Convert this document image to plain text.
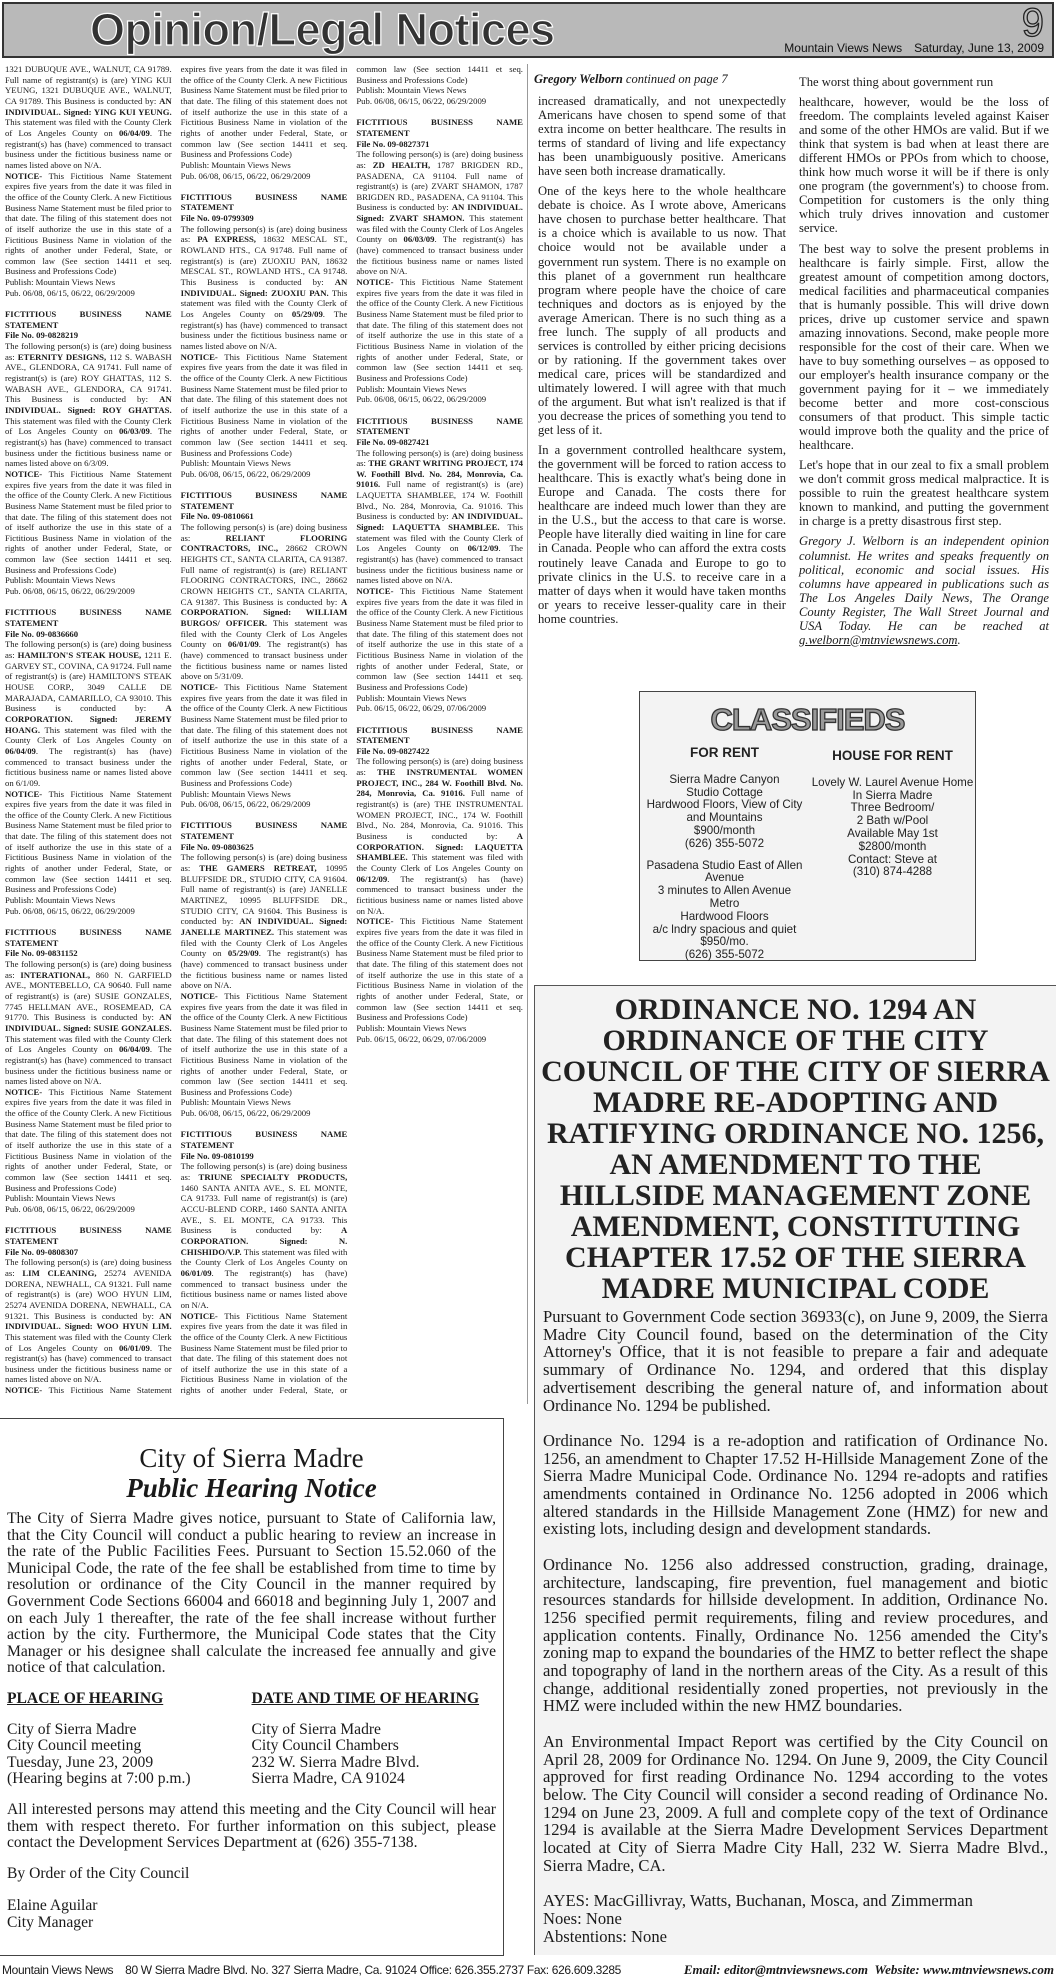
Opinion/Legal Notices	9
Mountain Views News Saturday, June 13, 2009
1321 DUBUQUE AVE., WALNUT, CA 91789. Full name of registrant(s) is (are) YING KUI YEUNG, 1321 DUBUQUE AVE., WALNUT, CA 91789. This Business is conducted by: AN INDIVIDUAL. Signed: YING KUI YEUNG. This statement was filed with the County Clerk of Los Angeles County on 06/04/09. The registrant(s) has (have) commenced to transact business under the fictitious business name or names listed above on N/A.
NOTICE- This Fictitious Name Statement expires five years from the date it was filed in the office of the County Clerk. A new Fictitious Business Name Statement must be filed prior to that date. The filing of this statement does not of itself authorize the use in this state of a Fictitious Business Name in violation of the rights of another under Federal, State, or common law (See section 14411 et seq. Business and Professions Code)
Publish: Mountain Views News
Pub. 06/08, 06/15, 06/22, 06/29/2009
FICTITIOUS BUSINESS NAME STATEMENT
File No. 09-0828219
The following person(s) is (are) doing business as: ETERNITY DESIGNS, 112 S. WABASH AVE., GLENDORA, CA 91741. Full name of registrant(s) is (are) ROY GHATTAS, 112 S. WABASH AVE., GLENDORA, CA 91741. This Business is conducted by: AN INDIVIDUAL. Signed: ROY GHATTAS. This statement was filed with the County Clerk of Los Angeles County on 06/03/09. The registrant(s) has (have) commenced to transact business under the fictitious business name or names listed above on 6/3/09.
NOTICE- This Fictitious Name Statement expires five years from the date it was filed in the office of the County Clerk. A new Fictitious Business Name Statement must be filed prior to that date. The filing of this statement does not of itself authorize the use in this state of a Fictitious Business Name in violation of the rights of another under Federal, State, or common law (See section 14411 et seq. Business and Professions Code)
Publish: Mountain Views News
Pub. 06/08, 06/15, 06/22, 06/29/2009
FICTITIOUS BUSINESS NAME STATEMENT
File No. 09-0836660
The following person(s) is (are) doing business as: HAMILTON'S STEAK HOUSE, 1211 E. GARVEY ST., COVINA, CA 91724. Full name of registrant(s) is (are) HAMILTON'S STEAK HOUSE CORP., 3049 CALLE DE MARAJADA, CAMARILLO, CA 93010. This Business is conducted by: A CORPORATION. Signed: JEREMY HOANG. This statement was filed with the County Clerk of Los Angeles County on 06/04/09. The registrant(s) has (have) commenced to transact business under the fictitious business name or names listed above on 6/1/09.
NOTICE- This Fictitious Name Statement expires five years from the date it was filed in the office of the County Clerk. A new Fictitious Business Name Statement must be filed prior to that date. The filing of this statement does not of itself authorize the use in this state of a Fictitious Business Name in violation of the rights of another under Federal, State, or common law (See section 14411 et seq. Business and Professions Code)
Publish: Mountain Views News
Pub. 06/08, 06/15, 06/22, 06/29/2009
FICTITIOUS BUSINESS NAME STATEMENT
File No. 09-0831152
The following person(s) is (are) doing business as: INTERATIONAL, 860 N. GARFIELD AVE., MONTEBELLO, CA 90640. Full name of registrant(s) is (are) SUSIE GONZALES, 7745 HELLMAN AVE., ROSEMEAD, CA 91770. This Business is conducted by: AN INDIVIDUAL. Signed: SUSIE GONZALES. This statement was filed with the County Clerk of Los Angeles County on 06/04/09. The registrant(s) has (have) commenced to transact business under the fictitious business name or names listed above on N/A.
NOTICE- This Fictitious Name Statement expires five years from the date it was filed in the office of the County Clerk. A new Fictitious Business Name Statement must be filed prior to that date. The filing of this statement does not of itself authorize the use in this state of a Fictitious Business Name in violation of the rights of another under Federal, State, or common law (See section 14411 et seq. Business and Professions Code)
Publish: Mountain Views News
Pub. 06/08, 06/15, 06/22, 06/29/2009
FICTITIOUS BUSINESS NAME STATEMENT
File No. 09-0808307
The following person(s) is (are) doing business as: LIM CLEANING, 25274 AVENIDA DORENA, NEWHALL, CA 91321. Full name of registrant(s) is (are) WOO HYUN LIM, 25274 AVENIDA DORENA, NEWHALL, CA 91321. This Business is conducted by: AN INDIVIDUAL. Signed: WOO HYUN LIM. This statement was filed with the County Clerk of Los Angeles County on 06/01/09. The registrant(s) has (have) commenced to transact business under the fictitious business name or names listed above on N/A.
NOTICE- This Fictitious Name Statement expires five years from the date it was filed in the office of the County Clerk. A new Fictitious Business Name Statement must be filed prior to that date. The filing of this statement does not of itself authorize the use in this state of a Fictitious Business Name in violation of the rights of another under Federal, State, or common law (See section 14411 et seq. Business and Professions Code)
Publish: Mountain Views News
Pub. 06/08, 06/15, 06/22, 06/29/2009
FICTITIOUS BUSINESS NAME STATEMENT
File No. 09-0799309
The following person(s) is (are) doing business as: PA EXPRESS, 18632 MESCAL ST., ROWLAND HTS., CA 91748. Full name of registrant(s) is (are) ZUOXIU PAN, 18632 MESCAL ST., ROWLAND HTS., CA 91748. This Business is conducted by: AN INDIVIDUAL. Signed: ZUOXIU PAN. This statement was filed with the County Clerk of Los Angeles County on 05/29/09. The registrant(s) has (have) commenced to transact business under the fictitious business name or names listed above on N/A.
NOTICE- This Fictitious Name Statement expires five years from the date it was filed in the office of the County Clerk. A new Fictitious Business Name Statement must be filed prior to that date. The filing of this statement does not of itself authorize the use in this state of a Fictitious Business Name in violation of the rights of another under Federal, State, or common law (See section 14411 et seq. Business and Professions Code)
Publish: Mountain Views News
Pub. 06/08, 06/15, 06/22, 06/29/2009
FICTITIOUS BUSINESS NAME STATEMENT
File No. 09-0810661
The following person(s) is (are) doing business as: RELIANT FLOORING CONTRACTORS, INC., 28662 CROWN HEIGHTS CT., SANTA CLARITA, CA 91387. Full name of registrant(s) is (are) RELIANT FLOORING CONTRACTORS, INC., 28662 CROWN HEIGHTS CT., SANTA CLARITA, CA 91387. This Business is conducted by: A CORPORATION. Signed: WILLIAM BURGOS/ OFFICER. This statement was filed with the County Clerk of Los Angeles County on 06/01/09. The registrant(s) has (have) commenced to transact business under the fictitious business name or names listed above on 5/31/09.
NOTICE- This Fictitious Name Statement expires five years from the date it was filed in the office of the County Clerk. A new Fictitious Business Name Statement must be filed prior to that date. The filing of this statement does not of itself authorize the use in this state of a Fictitious Business Name in violation of the rights of another under Federal, State, or common law (See section 14411 et seq. Business and Professions Code)
Publish: Mountain Views News
Pub. 06/08, 06/15, 06/22, 06/29/2009
FICTITIOUS BUSINESS NAME STATEMENT
File No. 09-0803625
The following person(s) is (are) doing business as: THE GAMERS RETREAT, 10995 BLUFFSIDE DR., STUDIO CITY, CA 91604. Full name of registrant(s) is (are) JANELLE MARTINEZ, 10995 BLUFFSIDE DR., STUDIO CITY, CA 91604. This Business is conducted by: AN INDIVIDUAL. Signed: JANELLE MARTINEZ. This statement was filed with the County Clerk of Los Angeles County on 05/29/09. The registrant(s) has (have) commenced to transact business under the fictitious business name or names listed above on N/A.
NOTICE- This Fictitious Name Statement expires five years from the date it was filed in the office of the County Clerk. A new Fictitious Business Name Statement must be filed prior to that date. The filing of this statement does not of itself authorize the use in this state of a Fictitious Business Name in violation of the rights of another under Federal, State, or common law (See section 14411 et seq. Business and Professions Code)
Publish: Mountain Views News
Pub. 06/08, 06/15, 06/22, 06/29/2009
FICTITIOUS BUSINESS NAME STATEMENT
File No. 09-0810199
The following person(s) is (are) doing business as: TRIUNE SPECIALTY PRODUCTS, 1460 SANTA ANITA AVE., S. EL MONTE, CA 91733. Full name of registrant(s) is (are) ACCU-BLEND CORP., 1460 SANTA ANITA AVE., S. EL MONTE, CA 91733. This Business is conducted by: A CORPORATION. Signed: N. CHISHIDO/V.P. This statement was filed with the County Clerk of Los Angeles County on 06/01/09. The registrant(s) has (have) commenced to transact business under the fictitious business name or names listed above on N/A.
NOTICE- This Fictitious Name Statement expires five years from the date it was filed in the office of the County Clerk. A new Fictitious Business Name Statement must be filed prior to that date. The filing of this statement does not of itself authorize the use in this state of a Fictitious Business Name in violation of the rights of another under Federal, State, or common law (See section 14411 et seq. Business and Professions Code)
Publish: Mountain Views News
Pub. 06/08, 06/15, 06/22, 06/29/2009
FICTITIOUS BUSINESS NAME STATEMENT
File No. 09-0827371
The following person(s) is (are) doing business as: ZD HEALTH, 1787 BRIGDEN RD., PASADENA, CA 91104. Full name of registrant(s) is (are) ZVART SHAMON, 1787 BRIGDEN RD., PASADENA, CA 91104. This Business is conducted by: AN INDIVIDUAL. Signed: ZVART SHAMON. This statement was filed with the County Clerk of Los Angeles County on 06/03/09. The registrant(s) has (have) commenced to transact business under the fictitious business name or names listed above on N/A.
NOTICE- This Fictitious Name Statement expires five years from the date it was filed in the office of the County Clerk. A new Fictitious Business Name Statement must be filed prior to that date. The filing of this statement does not of itself authorize the use in this state of a Fictitious Business Name in violation of the rights of another under Federal, State, or common law (See section 14411 et seq. Business and Professions Code)
Publish: Mountain Views News
Pub. 06/08, 06/15, 06/22, 06/29/2009
FICTITIOUS BUSINESS NAME STATEMENT
File No. 09-0827421
The following person(s) is (are) doing business as: THE GRANT WRITING PROJECT, 174 W. Foothill Blvd. No. 284, Monrovia, Ca. 91016. Full name of registrant(s) is (are) LAQUETTA SHAMBLEE, 174 W. Foothill Blvd., No. 284, Monrovia, Ca. 91016. This Business is conducted by: AN INDIVIDUAL. Signed: LAQUETTA SHAMBLEE. This statement was filed with the County Clerk of Los Angeles County on 06/12/09. The registrant(s) has (have) commenced to transact business under the fictitious business name or names listed above on N/A.
NOTICE- This Fictitious Name Statement expires five years from the date it was filed in the office of the County Clerk. A new Fictitious Business Name Statement must be filed prior to that date. The filing of this statement does not of itself authorize the use in this state of a Fictitious Business Name in violation of the rights of another under Federal, State, or common law (See section 14411 et seq. Business and Professions Code)
Publish: Mountain Views News
Pub. 06/15, 06/22, 06/29, 07/06/2009
FICTITIOUS BUSINESS NAME STATEMENT
File No. 09-0827422
The following person(s) is (are) doing business as: THE INSTRUMENTAL WOMEN PROJECT, INC., 284 W. Foothill Blvd. No. 284, Monrovia, Ca. 91016. Full name of registrant(s) is (are) THE INSTRUMENTAL WOMEN PROJECT, INC., 174 W. Foothill Blvd., No. 284, Monrovia, Ca. 91016. This Business is conducted by: A CORPORATION. Signed: LAQUETTA SHAMBLEE. This statement was filed with the County Clerk of Los Angeles County on 06/12/09. The registrant(s) has (have) commenced to transact business under the fictitious business name or names listed above on N/A.
NOTICE- This Fictitious Name Statement expires five years from the date it was filed in the office of the County Clerk. A new Fictitious Business Name Statement must be filed prior to that date. The filing of this statement does not of itself authorize the use in this state of a Fictitious Business Name in violation of the rights of another under Federal, State, or common law (See section 14411 et seq. Business and Professions Code)
Publish: Mountain Views News
Pub. 06/15, 06/22, 06/29, 07/06/2009
Gregory Welborn continued on page 7

increased dramatically, and not unexpectedly Americans have chosen to spend some of that extra income on better healthcare. The results in terms of standard of living and life expectancy has been unambiguously positive. Americans have seen both increase dramatically.

One of the keys here to the whole healthcare debate is choice. As I wrote above, Americans have chosen to purchase better healthcare. That is a choice which is available to us now. That choice would not be available under a government run system. There is no example on this planet of a government run healthcare program where people have the choice of care techniques and doctors as is enjoyed by the average American. There is no such thing as a free lunch. The supply of all products and services is controlled by either pricing decisions or by rationing. If the government takes over medical care, prices will be standardized and ultimately lowered. I will agree with that much of the argument. But what isn't realized is that if you decrease the prices of something you tend to get less of it.

In a government controlled healthcare system, the government will be forced to ration access to healthcare. This is exactly what's being done in Europe and Canada. The costs there for healthcare are indeed much lower than they are in the U.S., but the access to that care is worse. People have literally died waiting in line for care in Canada. People who can afford the extra costs routinely leave Canada and Europe to go to private clinics in the U.S. to receive care in a matter of days when it would have taken months or years to receive lesser-quality care in their home countries.

The worst thing about government run

healthcare, however, would be the loss of freedom. The complaints leveled against Kaiser and some of the other HMOs are valid. But if we think that system is bad when at least there are different HMOs or PPOs from which to choose, think how much worse it will be if there is only one program (the government's) to choose from. Competition for customers is the only thing which truly drives innovation and customer service.

The best way to solve the present problems in healthcare is fairly simple. First, allow the greatest amount of competition among doctors, medical facilities and pharmaceutical companies that is humanly possible. This will drive down prices, drive up customer service and spawn amazing innovations. Second, make people more responsible for the cost of their care. When we have to buy something ourselves – as opposed to our employer's health insurance company or the government paying for it – we immediately become better and more cost-conscious consumers of that product. This simple tactic would improve both the quality and the price of healthcare.

Let's hope that in our zeal to fix a small problem we don't commit gross medical malpractice. It is possible to ruin the greatest healthcare system known to mankind, and putting the government in charge is a pretty disastrous first step.

Gregory J. Welborn is an independent opinion columnist. He writes and speaks frequently on political, economic and social issues. His columns have appeared in publications such as The Los Angeles Daily News, The Orange County Register, The Wall Street Journal and USA Today. He can be reached at g.welborn@mtnviewsnews.com.

CLASSIFIEDS
FOR RENT
Sierra Madre Canyon
Studio Cottage
Hardwood Floors, View of City
and Mountains
$900/month
(626) 355-5072
Pasadena Studio East of Allen
Avenue
3 minutes to Allen Avenue Metro
Hardwood Floors
a/c lndry spacious and quiet
$950/mo.
(626) 355-5072
HOUSE FOR RENT
Lovely W. Laurel Avenue Home
In Sierra Madre
Three Bedroom/
2 Bath w/Pool
Available May 1st
$2800/month
Contact: Steve at
(310) 874-4288
ORDINANCE NO. 1294 AN ORDINANCE OF THE CITY COUNCIL OF THE CITY OF SIERRA MADRE RE-ADOPTING AND RATIFYING ORDINANCE NO. 1256, AN AMENDMENT TO THE HILLSIDE MANAGEMENT ZONE AMENDMENT, CONSTITUTING CHAPTER 17.52 OF THE SIERRA MADRE MUNICIPAL CODE

Pursuant to Government Code section 36933(c), on June 9, 2009, the Sierra Madre City Council found, based on the determination of the City Attorney's Office, that it is not feasible to prepare a fair and adequate summary of Ordinance No. 1294, and ordered that this display advertisement describing the general nature of, and information about Ordinance No. 1294 be published.

Ordinance No. 1294 is a re-adoption and ratification of Ordinance No. 1256, an amendment to Chapter 17.52 H-Hillside Management Zone of the Sierra Madre Municipal Code. Ordinance No. 1294 re-adopts and ratifies amendments contained in Ordinance No. 1256 adopted in 2006 which altered standards in the Hillside Management Zone (HMZ) for new and existing lots, including design and development standards.

Ordinance No. 1256 also addressed construction, grading, drainage, architecture, landscaping, fire prevention, fuel management and biotic resources standards for hillside development. In addition, Ordinance No. 1256 specified permit requirements, filing and review procedures, and application contents. Finally, Ordinance No. 1256 amended the City's zoning map to expand the boundaries of the HMZ to better reflect the shape and topography of land in the northern areas of the City. As a result of this change, additional residentially zoned properties, not previously in the HMZ were included within the new HMZ boundaries.

An Environmental Impact Report was certified by the City Council on April 28, 2009 for Ordinance No. 1294. On June 9, 2009, the City Council approved for first reading Ordinance No. 1294 according to the votes below. The City Council will consider a second reading of Ordinance No. 1294 on June 23, 2009. A full and complete copy of the text of Ordinance 1294 is available at the Sierra Madre Development Services Department located at City of Sierra Madre City Hall, 232 W. Sierra Madre Blvd., Sierra Madre, CA.

AYES: MacGillivray, Watts, Buchanan, Mosca, and Zimmerman
Noes: None
Abstentions: None
City of Sierra Madre
Public Hearing Notice

The City of Sierra Madre gives notice, pursuant to State of California law, that the City Council will conduct a public hearing to review an increase in the rate of the Public Facilities Fees. Pursuant to Section 15.52.060 of the Municipal Code, the rate of the fee shall be established from time to time by resolution or ordinance of the City Council in the manner required by Government Code Sections 66004 and 66018 and beginning July 1, 2007 and on each July 1 thereafter, the rate of the fee shall increase without further action by the city. Furthermore, the Municipal Code states that the City Manager or his designee shall calculate the increased fee annually and give notice of that calculation.

PLACE OF HEARING
City of Sierra Madre
City Council meeting
Tuesday, June 23, 2009
(Hearing begins at 7:00 p.m.)
DATE AND TIME OF HEARING
City of Sierra Madre
City Council Chambers
232 W. Sierra Madre Blvd.
Sierra Madre, CA 91024

All interested persons may attend this meeting and the City Council will hear them with respect thereto. For further information on this subject, please contact the Development Services Department at (626) 355-7138.

By Order of the City Council

Elaine Aguilar
City Manager
Mountain Views News 80 W Sierra Madre Blvd. No. 327 Sierra Madre, Ca. 91024 Office: 626.355.2737 Fax: 626.609.3285	Email: editor@mtnviewsnews.com Website: www.mtnviewsnews.com
